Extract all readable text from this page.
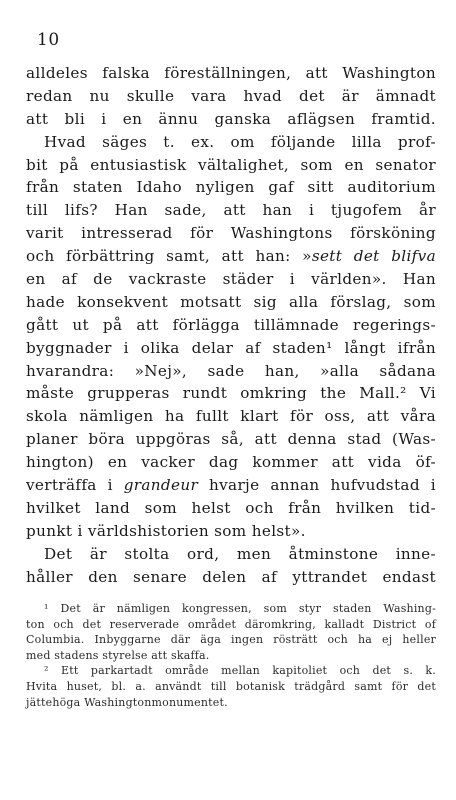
10
alldeles falska föreställningen, att Washington
redan nu skulle vara hvad det är ämnadt
att bli i en ännu ganska aflägsen framtid.
Hvad säges t. ex. om följande lilla prof-
bit på entusiastisk vältalighet, som en senator
från staten Idaho nyligen gaf sitt auditorium
till lifs? Han sade, att han i tjugofem år
varit intresserad för Washingtons försköning
och förbättring samt, att han: »sett det blifva
en af de vackraste städer i världen». Han
hade konsekvent motsatt sig alla förslag, som
gått ut på att förlägga tillämnade regerings-
byggnader i olika delar af staden¹ långt ifrån
hvarandra: »Nej», sade han, »alla sådana
måste grupperas rundt omkring the Mall.² Vi
skola nämligen ha fullt klart för oss, att våra
planer böra uppgöras så, att denna stad (Was-
hington) en vacker dag kommer att vida öf-
verträffa i grandeur hvarje annan hufvudstad i
hvilket land som helst och från hvilken tid-
punkt i världshistorien som helst».
Det är stolta ord, men åtminstone inne-
håller den senare delen af yttrandet endast
¹ Det är nämligen kongressen, som styr staden Washing-
ton och det reserverade området däromkring, kalladt District of
Columbia. Inbyggarne där äga ingen rösträtt och ha ej heller
med stadens styrelse att skaffa.
² Ett parkartadt område mellan kapitoliet och det s. k.
Hvita huset, bl. a. användt till botanisk trädgård samt för det
jättehöga Washingtonmonumentet.
